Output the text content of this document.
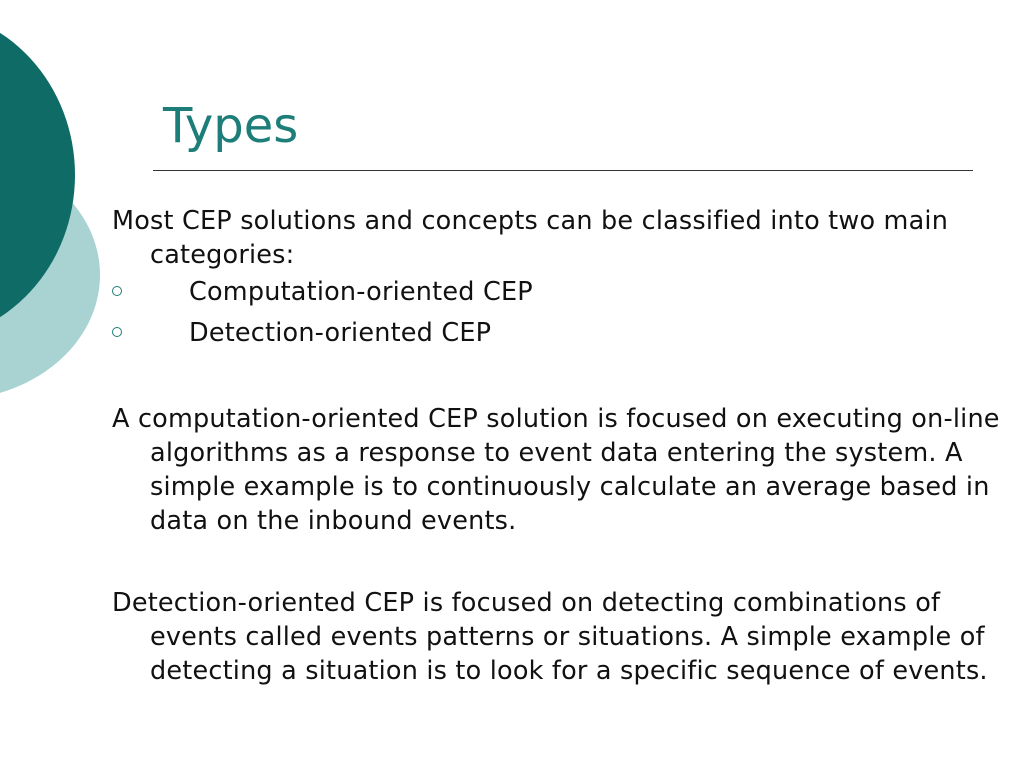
Types

Most CEP solutions and concepts can be classified into two main categories:

Computation-oriented CEP
Detection-oriented CEP

A computation-oriented CEP solution is focused on executing on-line algorithms as a response to event data entering the system. A simple example is to continuously calculate an average based in data on the inbound events.

Detection-oriented CEP is focused on detecting combinations of events called events patterns or situations. A simple example of detecting a situation is to look for a specific sequence of events.
